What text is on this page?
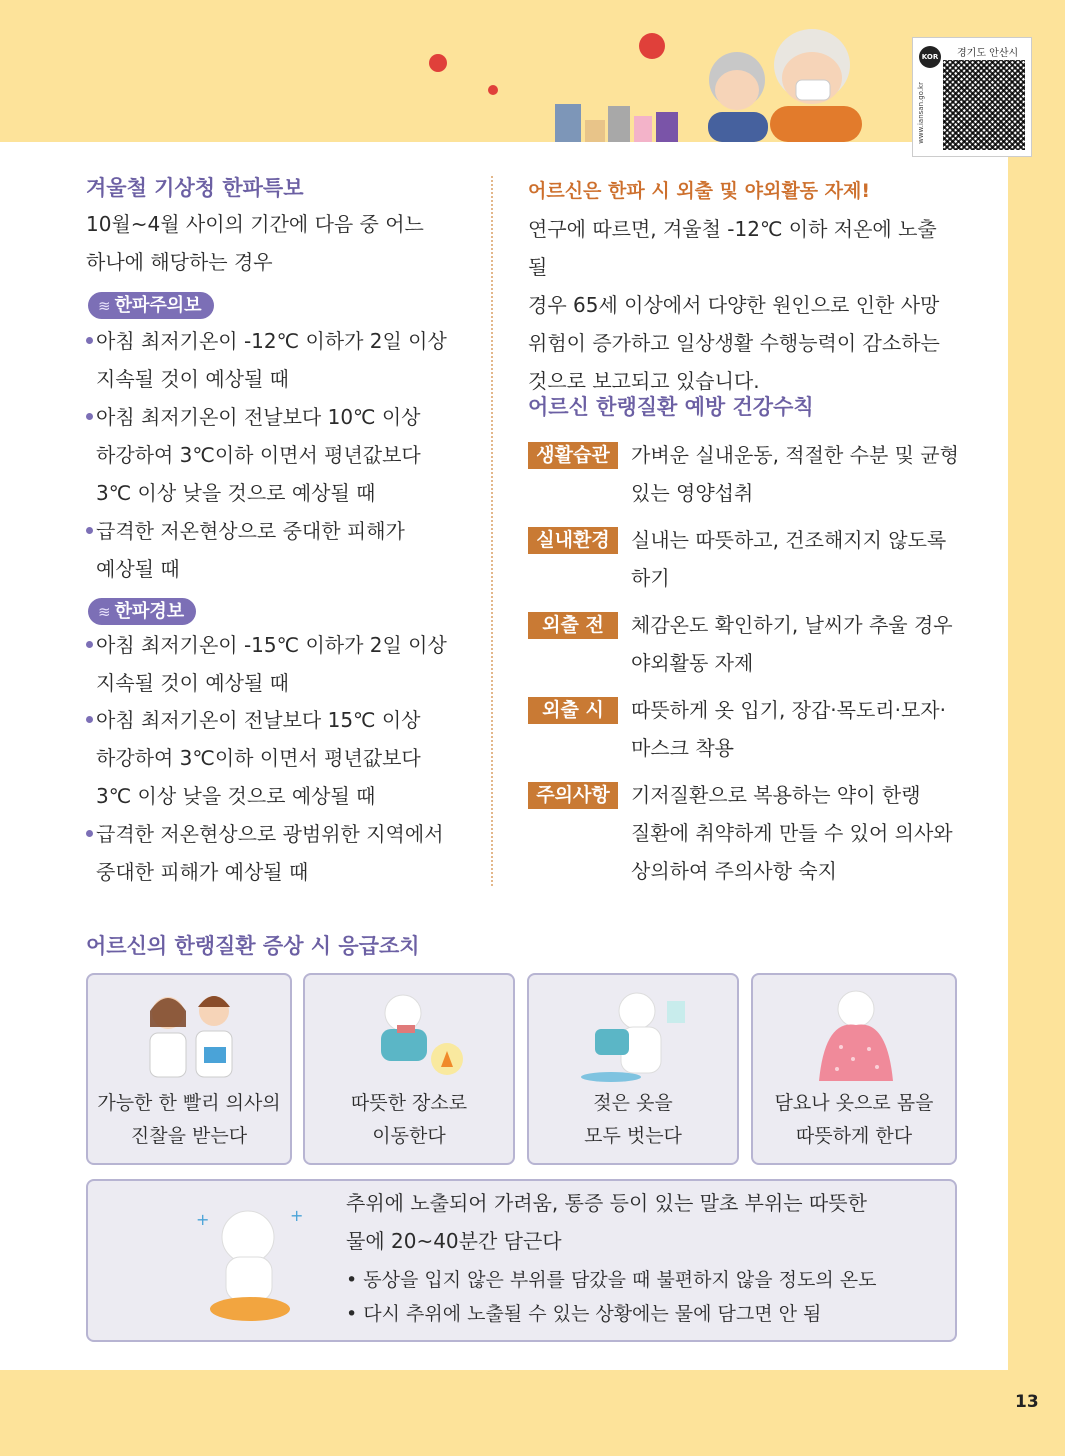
KOR 경기도 안산시
www.iansan.go.kr
겨울철 기상청 한파특보
10월~4월 사이의 기간에 다음 중 어느
하나에 해당하는 경우
≋ 한파주의보
아침 최저기온이 -12℃ 이하가 2일 이상
지속될 것이 예상될 때
아침 최저기온이 전날보다 10℃ 이상
하강하여 3℃이하 이면서 평년값보다
3℃ 이상 낮을 것으로 예상될 때
급격한 저온현상으로 중대한 피해가
예상될 때
≋ 한파경보
아침 최저기온이 -15℃ 이하가 2일 이상
지속될 것이 예상될 때
아침 최저기온이 전날보다 15℃ 이상
하강하여 3℃이하 이면서 평년값보다
3℃ 이상 낮을 것으로 예상될 때
급격한 저온현상으로 광범위한 지역에서
중대한 피해가 예상될 때
어르신은 한파 시 외출 및 야외활동 자제!
연구에 따르면, 겨울철 -12℃ 이하 저온에 노출 될
경우 65세 이상에서 다양한 원인으로 인한 사망
위험이 증가하고 일상생활 수행능력이 감소하는
것으로 보고되고 있습니다.
어르신 한랭질환 예방 건강수칙
생활습관	가벼운 실내운동, 적절한 수분 및 균형
있는 영양섭취
실내환경	실내는 따뜻하고, 건조해지지 않도록
하기
외출 전	체감온도 확인하기, 날씨가 추울 경우
야외활동 자제
외출 시	따뜻하게 옷 입기, 장갑·목도리·모자·
마스크 착용
주의사항	기저질환으로 복용하는 약이 한랭
질환에 취약하게 만들 수 있어 의사와
상의하여 주의사항 숙지
어르신의 한랭질환 증상 시 응급조치
가능한 한 빨리 의사의
진찰을 받는다
따뜻한 장소로
이동한다
젖은 옷을
모두 벗는다
담요나 옷으로 몸을
따뜻하게 한다
+	+
추위에 노출되어 가려움, 통증 등이 있는 말초 부위는 따뜻한
물에 20~40분간 담근다
• 동상을 입지 않은 부위를 담갔을 때 불편하지 않을 정도의 온도
• 다시 추위에 노출될 수 있는 상황에는 물에 담그면 안 됨
13
